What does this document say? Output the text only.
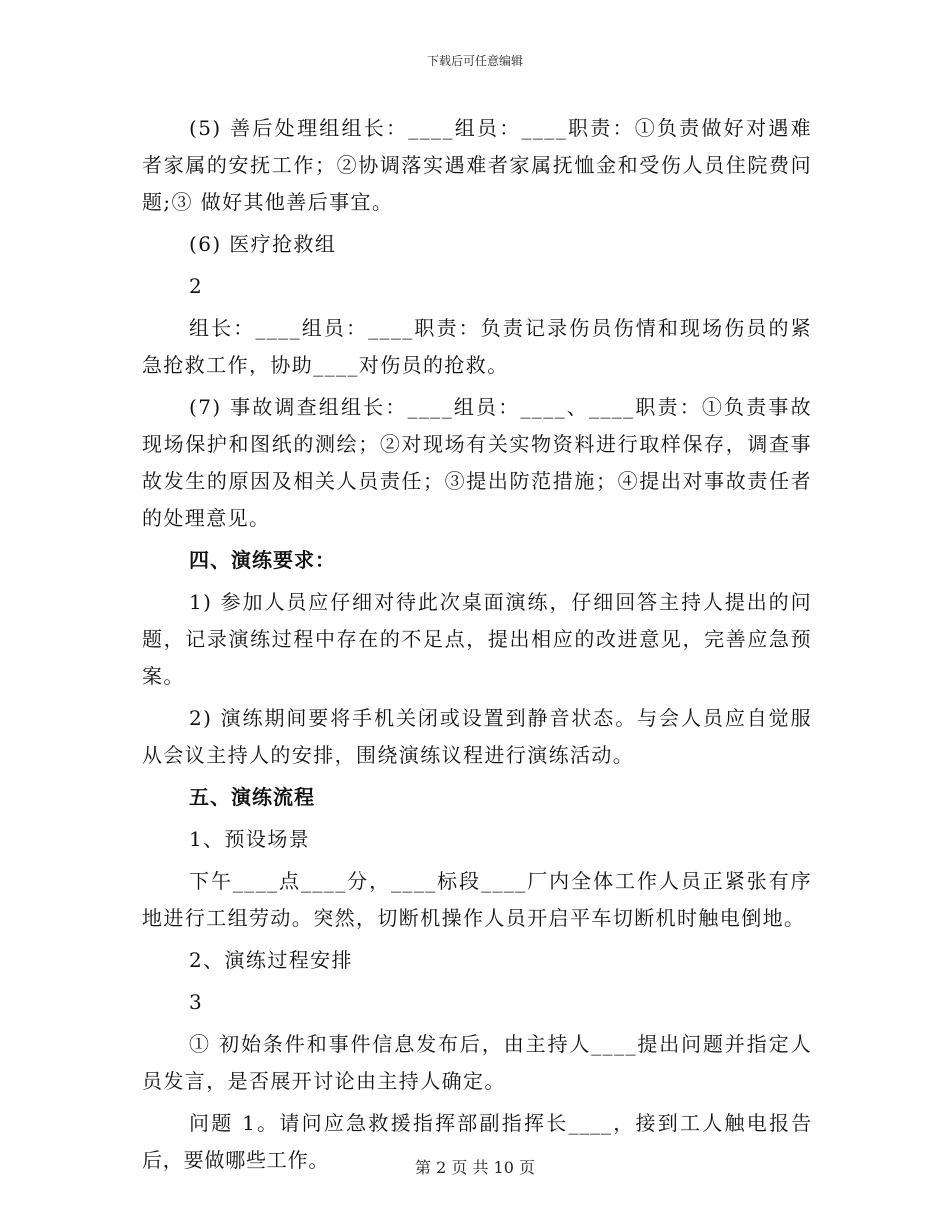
下载后可任意编辑

(5) 善后处理组组长：____组员：____职责：①负责做好对遇难者家属的安抚工作；②协调落实遇难者家属抚恤金和受伤人员住院费问题;③ 做好其他善后事宜。

(6) 医疗抢救组

2

组长：____组员：____职责：负责记录伤员伤情和现场伤员的紧急抢救工作，协助____对伤员的抢救。

(7) 事故调查组组长：____组员：____、____职责：①负责事故现场保护和图纸的测绘；②对现场有关实物资料进行取样保存，调查事故发生的原因及相关人员责任；③提出防范措施；④提出对事故责任者的处理意见。

四、演练要求：

1) 参加人员应仔细对待此次桌面演练，仔细回答主持人提出的问题，记录演练过程中存在的不足点，提出相应的改进意见，完善应急预案。

2) 演练期间要将手机关闭或设置到静音状态。与会人员应自觉服从会议主持人的安排，围绕演练议程进行演练活动。

五、演练流程

1、预设场景

下午____点____分，____标段____厂内全体工作人员正紧张有序地进行工组劳动。突然，切断机操作人员开启平车切断机时触电倒地。

2、演练过程安排

3

① 初始条件和事件信息发布后，由主持人____提出问题并指定人员发言，是否展开讨论由主持人确定。

问题 1。请问应急救援指挥部副指挥长____，接到工人触电报告后，要做哪些工作。	第 2 页 共 10 页
